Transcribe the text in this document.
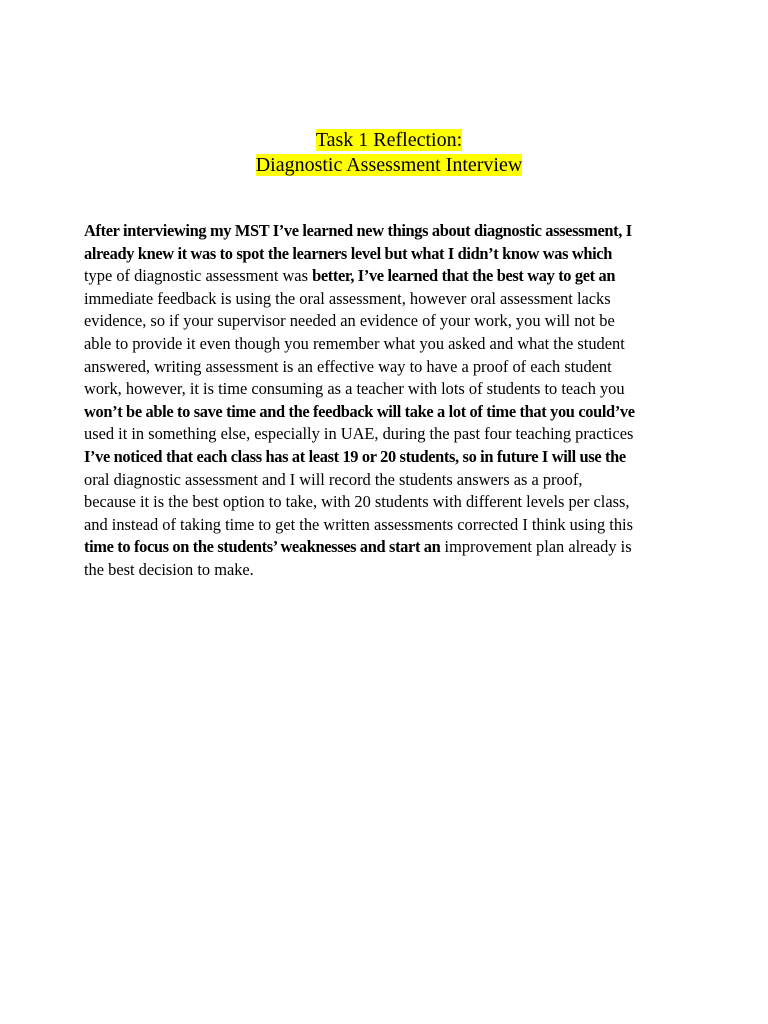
Task 1 Reflection:
Diagnostic Assessment Interview
After interviewing my MST I’ve learned new things about diagnostic assessment, I
already knew it was to spot the learners level but what I didn’t know was which
type of diagnostic assessment was better, I’ve learned that the best way to get an
immediate feedback is using the oral assessment, however oral assessment lacks
evidence, so if your supervisor needed an evidence of your work, you will not be
able to provide it even though you remember what you asked and what the student
answered, writing assessment is an effective way to have a proof of each student
work, however, it is time consuming as a teacher with lots of students to teach you
won’t be able to save time and the feedback will take a lot of time that you could’ve
used it in something else, especially in UAE, during the past four teaching practices
I’ve noticed that each class has at least 19 or 20 students, so in future I will use the
oral diagnostic assessment and I will record the students answers as a proof,
because it is the best option to take, with 20 students with different levels per class,
and instead of taking time to get the written assessments corrected I think using this
time to focus on the students’ weaknesses and start an improvement plan already is
the best decision to make.
